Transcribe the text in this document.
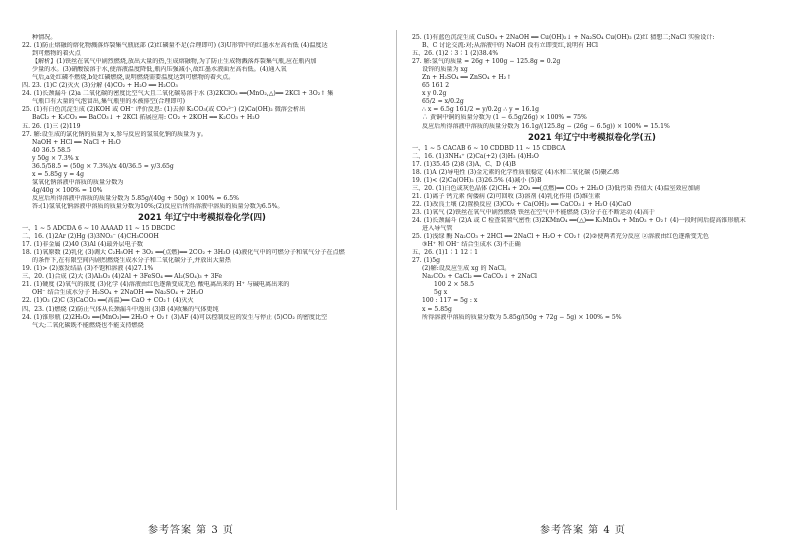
种情况。
22. (1)防止熔融的熔化物溅落炸裂集气瓶底部 (2)红磷量不足(合理即可) (3)U形管中的红墨水左高右低 (4)温度达
到可燃物的着火点
【解析】(1)铁丝在氧气中剧烈燃烧,放出大量的热,生成熔融物,为了防止生成物溅落炸裂集气瓶,应在瓶内加
少量的水。(3)硝酸铵溶于水,使溶液温度降低,瓶内压强减小,故红墨水液面左高右低。(4)通入氧
气后,a处红磷不燃烧,b处红磷燃烧,说明燃烧需要温度达到可燃物的着火点。
四. 23. (1)C (2)灭火 (3)分解 (4)CO₂ + H₂O ══ H₂CO₃
24. (1)长颈漏斗 (2)a 二氧化碳的密度比空气大且二氧化碳易溶于水 (3)2KClO₃ ══(MnO₂,△)══ 2KCl + 3O₂↑ 集
气瓶口有大量的气泡冒出,集气瓶里的水被排空(合理即可)
25. (1)有白色沉淀生成 (2)KOH 或 OH⁻ 评价反思: (1)去掉 K₂CO₃(或 CO₃²⁻) (2)Ca(OH)₂ 微溶会析出
BaCl₂ + K₂CO₃ ══ BaCO₃↓ + 2KCl 拓展应用: CO₂ + 2KOH ══ K₂CO₃ + H₂O
五. 26. (1)三 (2)119
27. 解:设生成的氯化钠的质量为 x,参与反应的氢氧化钠的质量为 y。
NaOH + HCl ══ NaCl + H₂O
40 36.5 58.5
y 50g × 7.3% x
36.5/58.5 = (50g × 7.3%)/x 40/36.5 = y/3.65g
x = 5.85g y = 4g
氢氧化钠溶液中溶质的质量分数为
4g/40g × 100% = 10%
反应后所得溶液中溶质的质量分数为 5.85g/(40g + 50g) × 100% = 6.5%
答:(1)氢氧化钠溶液中溶质的质量分数为10%;(2)反应后所得溶液中溶质的质量分数为6.5%。
2021 年辽宁中考模拟卷化学(四)
一、1 ~ 5 ADCDA 6 ~ 10 AAAAD 11 ~ 15 DBCDC
二、16. (1)2Ar (2)Hg (3)3NO₃⁻ (4)CH₃COOH
17. (1)非金属 (2)40 (3)Al (4)最外层电子数
18. (1)氧原数 (2)乳化 (3)调大 C₂H₅OH + 3O₂ ══(点燃)══ 2CO₂ + 3H₂O (4)液化气中的可燃分子和氧气分子在点燃
的条件下,在有限空间内剧烈燃烧生成水分子和二氧化碳分子,并放出大量热
19. (1)> (2)蒸发结晶 (3)不饱和溶液 (4)27.1%
三、20. (1)合成 (2)大 (3)Al₂O₃ (4)2Al + 3FeSO₄ ══ Al₂(SO₄)₃ + 3Fe
21. (1)硬度 (2)氧气的浓度 (3)化学 (4)溶液由红色逐渐变成无色 酸电离出来的 H⁺ 与碱电离出来的
OH⁻ 结合生成水分子 H₂SO₄ + 2NaOH ══ Na₂SO₄ + 2H₂O
22. (1)O₂ (2)C (3)CaCO₃ ══(高温)══ CaO + CO₂↑ (4)灭火
四、23. (1)燃烧 (2)防止气体从长颈漏斗中逸出 (3)B (4)收集的气体更纯
24. (1)锥形瓶 (2)2H₂O₂ ══(MnO₂)══ 2H₂O + O₂↑ (3)AF (4)可以控制反应的发生与停止 (5)CO₂ 的密度比空
气大;二氧化碳既不能燃烧也不能支持燃烧
25. (1)有蓝色沉淀生成 CuSO₄ + 2NaOH ══ Cu(OH)₂↓ + Na₂SO₄ Cu(OH)₂ (2)红 猜想二;NaCl 实验设计:
B、C 讨论交流:对;从溶液中的 NaOH 没有立即变红,说明有 HCl
五、26. (1)2∶3∶1 (2)38.4%
27. 解:氢气的质量 = 26g + 100g − 125.8g = 0.2g
设锌的质量为 xg
Zn + H₂SO₄ ══ ZnSO₄ + H₂↑
65 161 2
x y 0.2g
65/2 = x/0.2g
∴ x = 6.5g 161/2 = y/0.2g ∴ y = 16.1g
∴ 黄铜中铜的质量分数为 (1 − 6.5g/26g) × 100% = 75%
反应后所得溶液中溶质的质量分数为 16.1g/(125.8g − (26g − 6.5g)) × 100% = 15.1%
2021 年辽宁中考模拟卷化学(五)
一、1 ~ 5 CACAB 6 ~ 10 CDDBD 11 ~ 15 CDBCA
二、16. (1)3NH₄⁺ (2)Ca(+2) (3)H₂ (4)H₂O
17. (1)35.45 (2)8 (3)A、C、D (4)B
18. (1)A (2)导电性 (3)金元素的化学性质很稳定 (4)水和二氧化碳 (5)聚乙烯
19. (1)< (2)Ca(OH)₂ (3)26.5% (4)减小 (5)B
三、20. (1)白色或灰色晶体 (2)CH₄ + 2O₂ ══(点燃)══ CO₂ + 2H₂O (3)低污染 热值大 (4)温室效应加剧
21. (1)离子 钙元素 佝偻病 (2)可回收 (3)溶剂 (4)乳化作用 (5)维生素
22. (1)改良土壤 (2)置换反应 (3)CO₂ + Ca(OH)₂ ══ CaCO₃↓ + H₂O (4)CaO
23. (1)氧气 (2)铁丝在氧气中剧烈燃烧 铁丝在空气中不能燃烧 (3)分子在不断运动 (4)高于
24. (1)长颈漏斗 (2)A 或 C 检查装置气密性 (3)2KMnO₄ ══(△)══ K₂MnO₄ + MnO₂ + O₂↑ (4)一段时间后提高锥形瓶末
进入导气管
25. (1)浅绿 酶 Na₂CO₃ + 2HCl ══ 2NaCl + H₂O + CO₂↑ (2)②使两者充分反应 ②溶液由红色逐渐变无色
③H⁺ 和 OH⁻ 结合生成水 (3)不正确
五、26. (1)1∶1 12∶1
27. (1)5g
(2)解:设反应生成 xg 的 NaCl。
Na₂CO₃ + CaCl₂ ══ CaCO₃↓ + 2NaCl
100 2 × 58.5
5g x
100 : 117 = 5g : x
x = 5.85g
所得溶液中溶质的质量分数为 5.85g/(50g + 72g − 5g) × 100% = 5%
参考答案 第 3 页	参考答案 第 4 页
